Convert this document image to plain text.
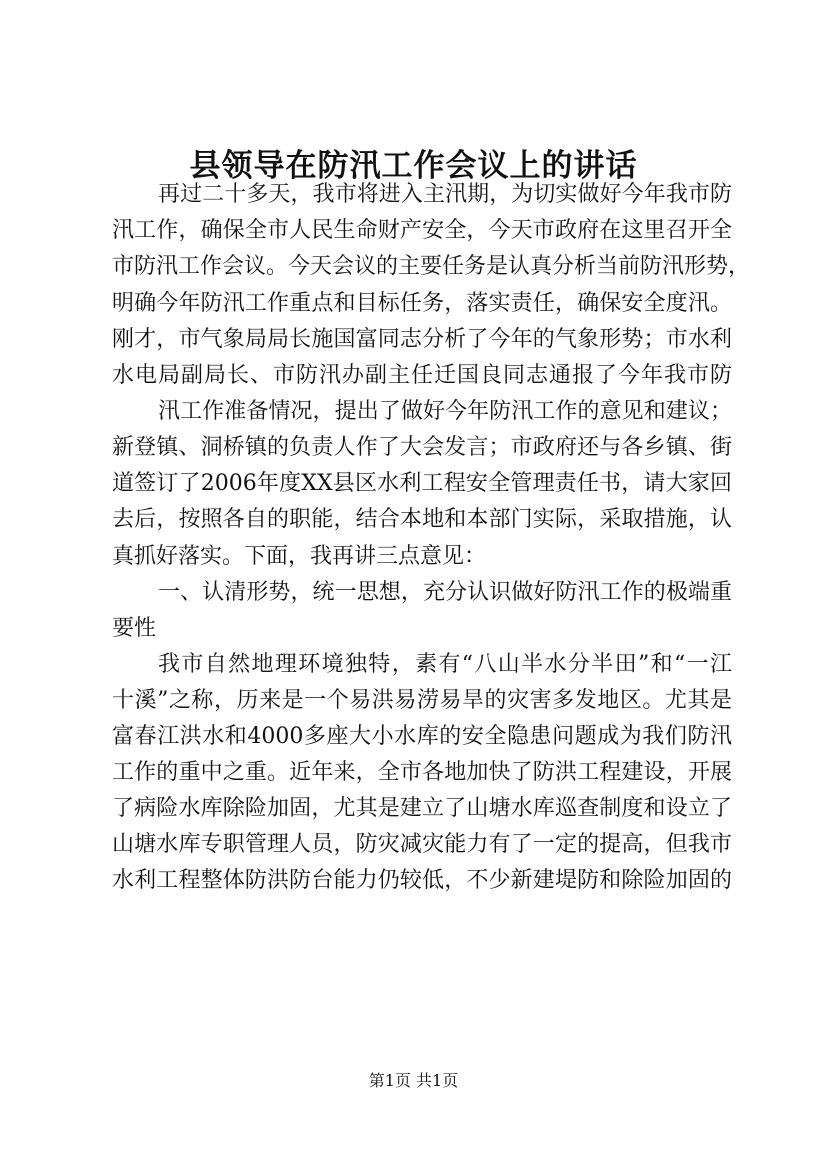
县领导在防汛工作会议上的讲话
再过二十多天，我市将进入主汛期，为切实做好今年我市防
汛工作，确保全市人民生命财产安全，今天市政府在这里召开全
市防汛工作会议。今天会议的主要任务是认真分析当前防汛形势，
明确今年防汛工作重点和目标任务，落实责任，确保安全度汛。
刚才，市气象局局长施国富同志分析了今年的气象形势；市水利
水电局副局长、市防汛办副主任迁国良同志通报了今年我市防
汛工作准备情况，提出了做好今年防汛工作的意见和建议；
新登镇、洞桥镇的负责人作了大会发言；市政府还与各乡镇、街
道签订了2006年度XX县区水利工程安全管理责任书，请大家回
去后，按照各自的职能，结合本地和本部门实际，采取措施，认
真抓好落实。下面，我再讲三点意见：
一、认清形势，统一思想，充分认识做好防汛工作的极端重
要性
我市自然地理环境独特，素有“八山半水分半田”和“一江
十溪”之称，历来是一个易洪易涝易旱的灾害多发地区。尤其是
富春江洪水和4000多座大小水库的安全隐患问题成为我们防汛
工作的重中之重。近年来，全市各地加快了防洪工程建设，开展
了病险水库除险加固，尤其是建立了山塘水库巡查制度和设立了
山塘水库专职管理人员，防灾减灾能力有了一定的提高，但我市
水利工程整体防洪防台能力仍较低，不少新建堤防和除险加固的
第1页 共1页
